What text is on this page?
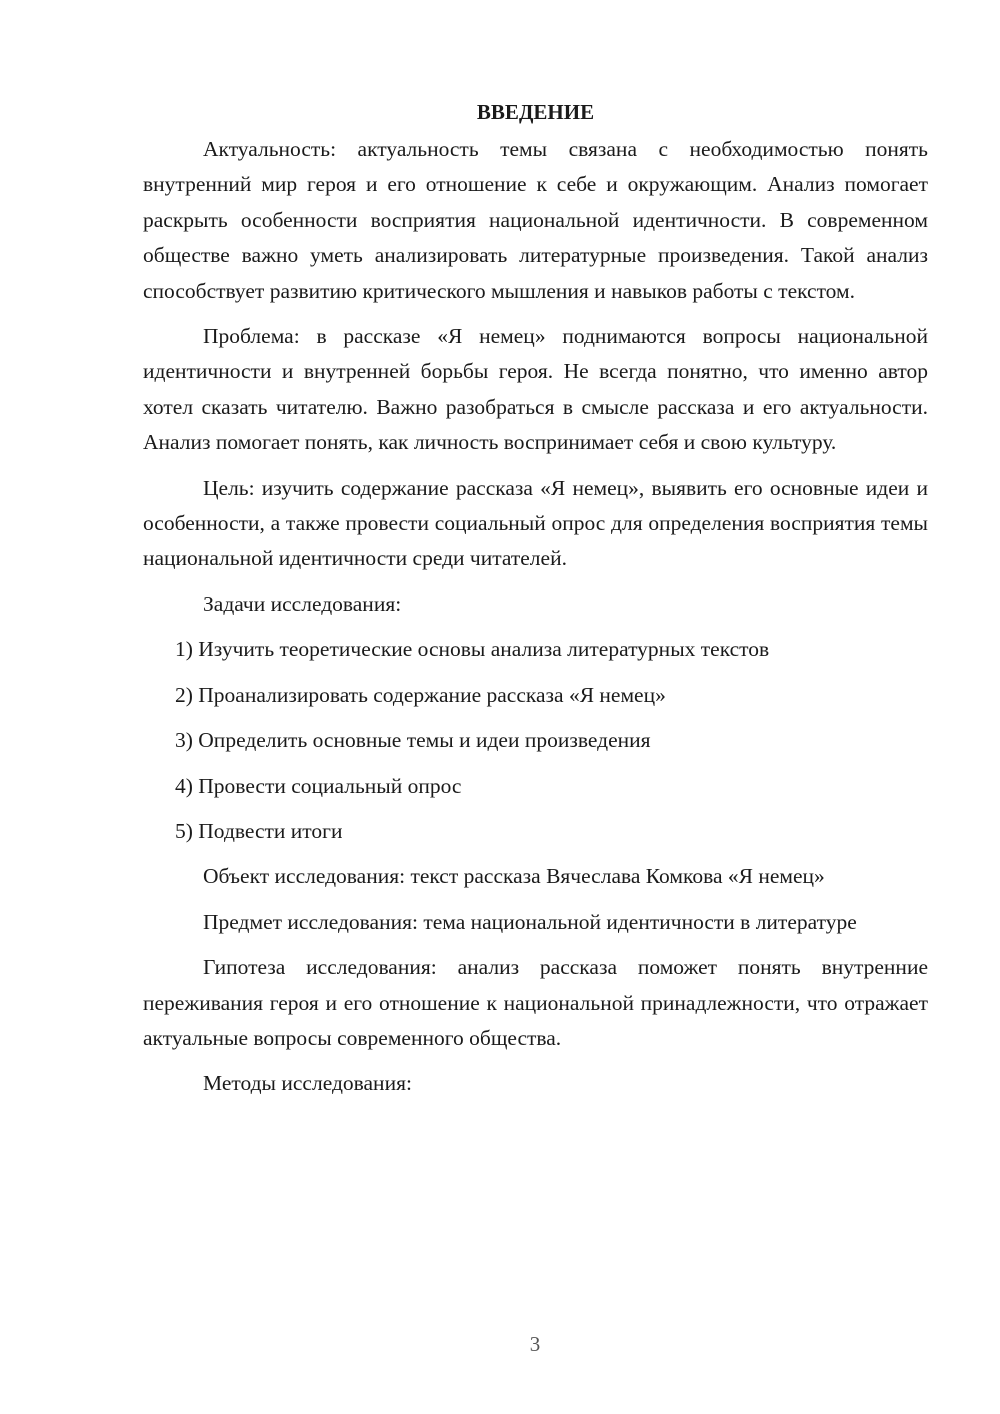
ВВЕДЕНИЕ

Актуальность: актуальность темы связана с необходимостью понять внутренний мир героя и его отношение к себе и окружающим. Анализ помогает раскрыть особенности восприятия национальной идентичности. В современном обществе важно уметь анализировать литературные произведения. Такой анализ способствует развитию критического мышления и навыков работы с текстом.

Проблема: в рассказе «Я немец» поднимаются вопросы национальной идентичности и внутренней борьбы героя. Не всегда понятно, что именно автор хотел сказать читателю. Важно разобраться в смысле рассказа и его актуальности. Анализ помогает понять, как личность воспринимает себя и свою культуру.

Цель: изучить содержание рассказа «Я немец», выявить его основные идеи и особенности, а также провести социальный опрос для определения восприятия темы национальной идентичности среди читателей.

Задачи исследования:

1) Изучить теоретические основы анализа литературных текстов
2) Проанализировать содержание рассказа «Я немец»
3) Определить основные темы и идеи произведения
4) Провести социальный опрос
5) Подвести итоги

Объект исследования: текст рассказа Вячеслава Комкова «Я немец»

Предмет исследования: тема национальной идентичности в литературе

Гипотеза исследования: анализ рассказа поможет понять внутренние переживания героя и его отношение к национальной принадлежности, что отражает актуальные вопросы современного общества.

Методы исследования:

3
